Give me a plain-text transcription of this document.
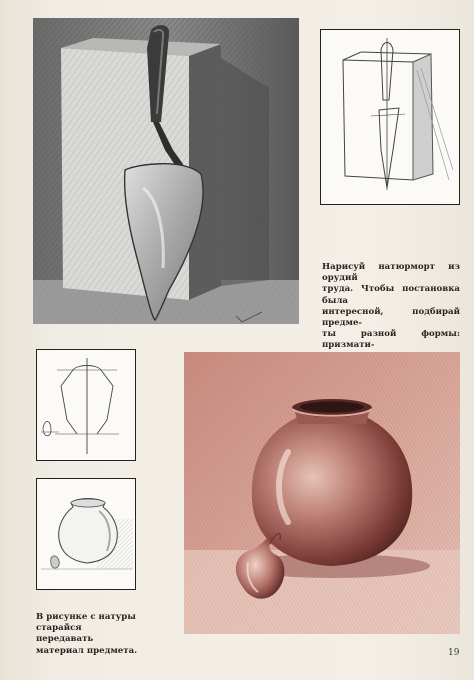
Нарисуй натюрморт из орудий
труда. Чтобы постановка была
интересной, подбирай предме-
ты разной формы: призмати-
В рисунке с натуры
старайся передавать
материал предмета.	19
